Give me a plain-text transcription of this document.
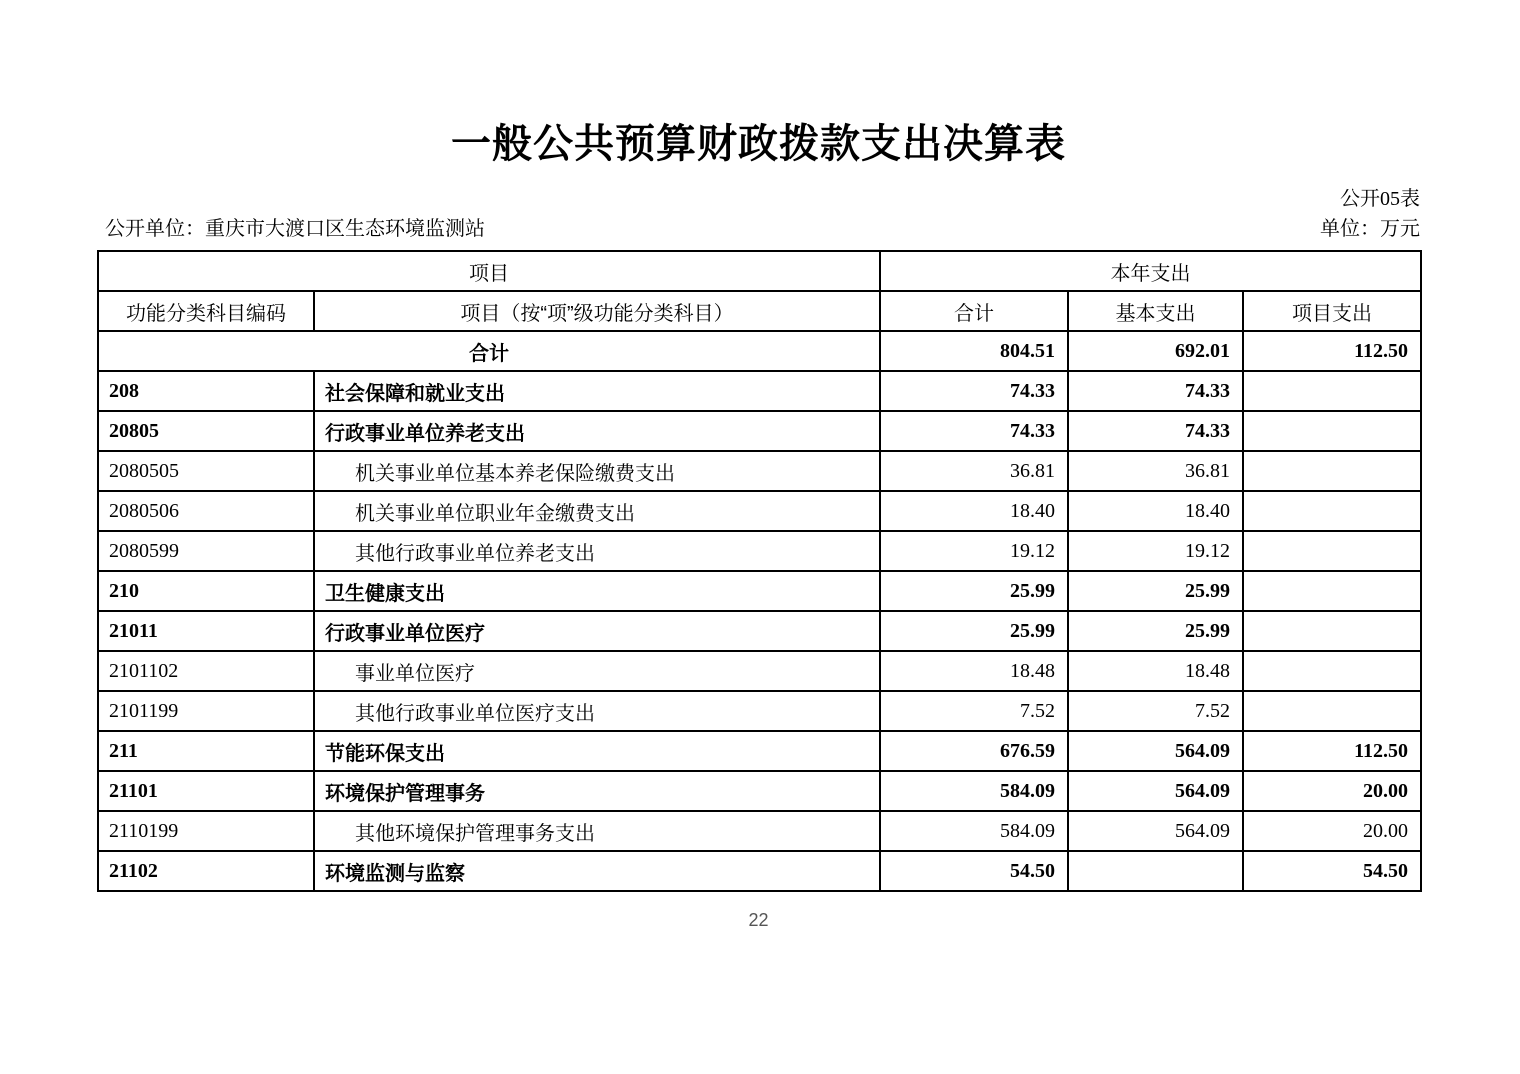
一般公共预算财政拨款支出决算表
公开05表
公开单位：重庆市大渡口区生态环境监测站	单位：万元
项目		本年支出		
功能分类科目编码	项目（按“项”级功能分类科目）	合计	基本支出	项目支出
合计		804.51	692.01	112.50
208	社会保障和就业支出	74.33	74.33	
20805	行政事业单位养老支出	74.33	74.33	
2080505	机关事业单位基本养老保险缴费支出	36.81	36.81	
2080506	机关事业单位职业年金缴费支出	18.40	18.40	
2080599	其他行政事业单位养老支出	19.12	19.12	
210	卫生健康支出	25.99	25.99	
21011	行政事业单位医疗	25.99	25.99	
2101102	事业单位医疗	18.48	18.48	
2101199	其他行政事业单位医疗支出	7.52	7.52	
211	节能环保支出	676.59	564.09	112.50
21101	环境保护管理事务	584.09	564.09	20.00
2110199	其他环境保护管理事务支出	584.09	564.09	20.00
21102	环境监测与监察	54.50		54.50
22
